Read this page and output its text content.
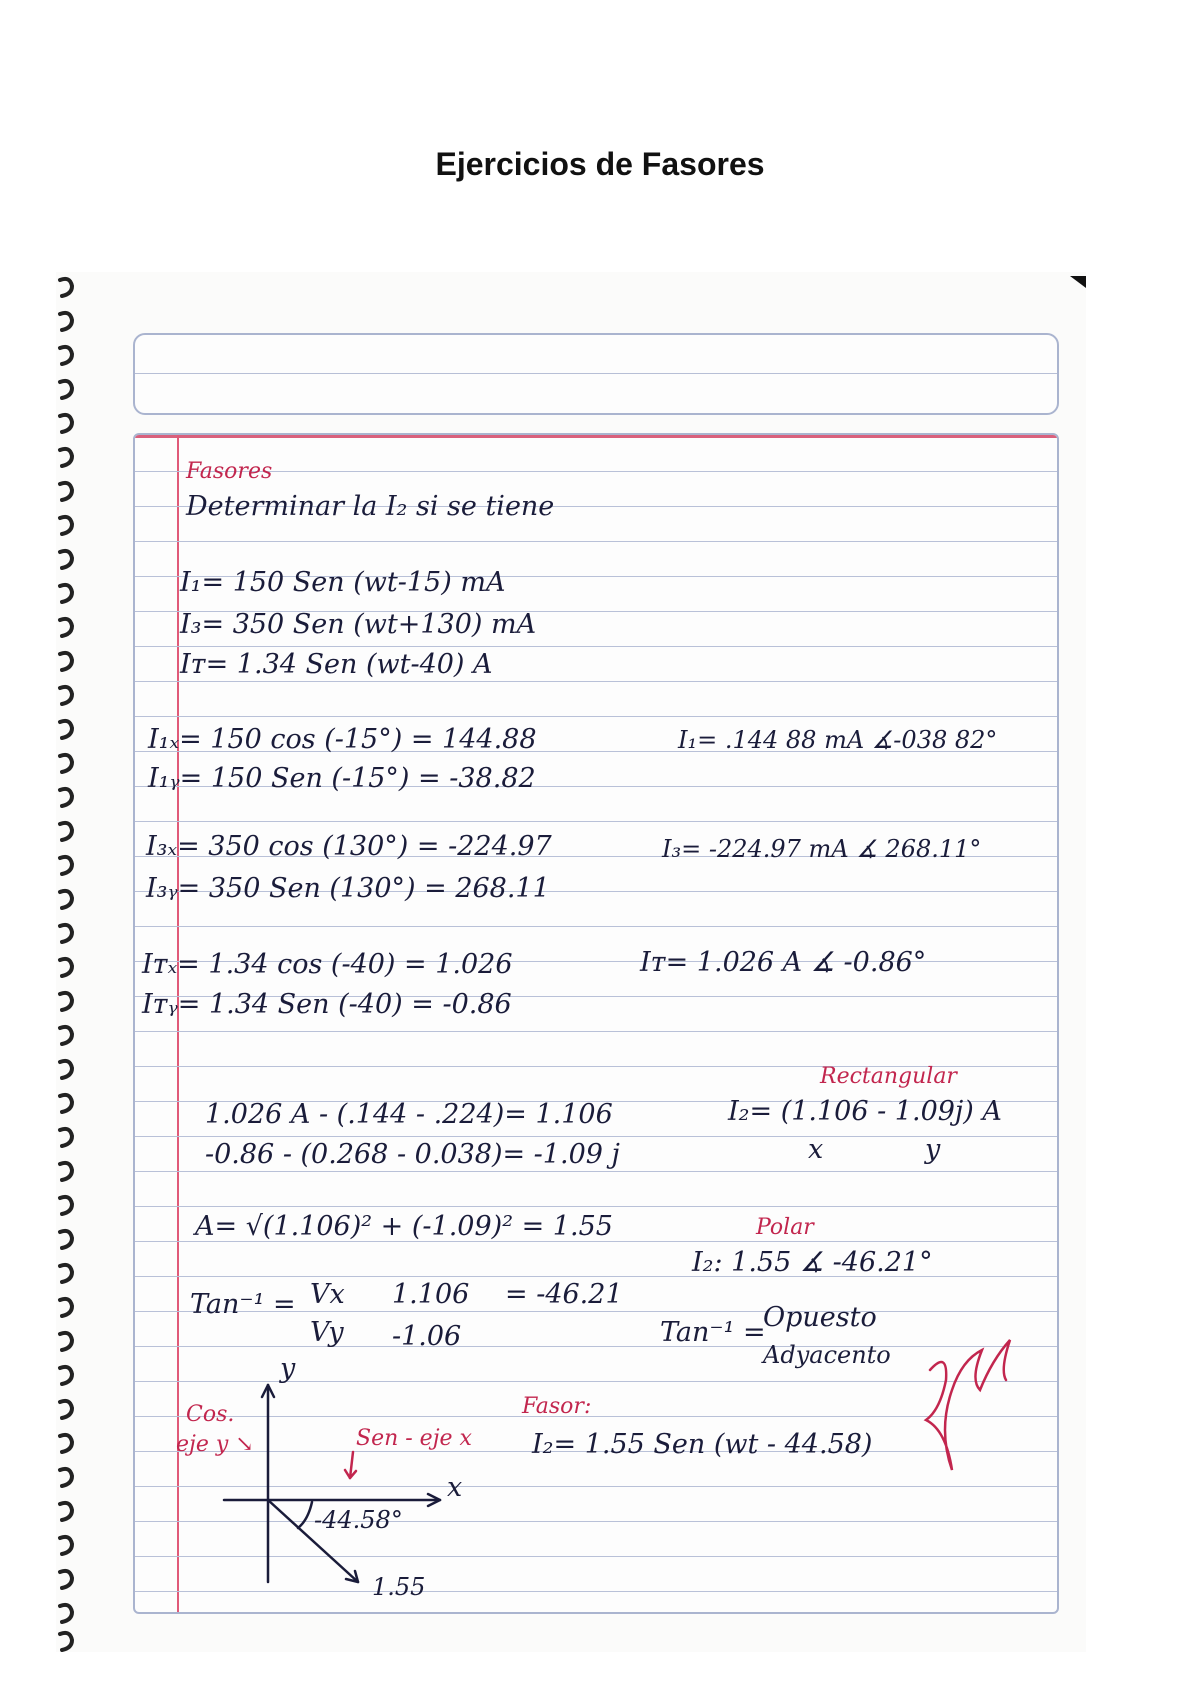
Ejercicios de Fasores
Fasores
Determinar la I₂ si se tiene
I₁= 150 Sen (wt-15) mA
I₃= 350 Sen (wt+130) mA
Iᴛ= 1.34 Sen (wt-40) A
I₁ₓ= 150 cos (-15°) = 144.88
I₁ᵧ= 150 Sen (-15°) = -38.82
I₁= .144 88 mA ∡-038 82°
I₃ₓ= 350 cos (130°) = -224.97
I₃ᵧ= 350 Sen (130°) = 268.11
I₃= -224.97 mA ∡ 268.11°
Iᴛₓ= 1.34 cos (-40) = 1.026
Iᴛᵧ= 1.34 Sen (-40) = -0.86
Iᴛ= 1.026 A ∡ -0.86°
Rectangular
1.026 A - (.144 - .224)= 1.106
-0.86 - (0.268 - 0.038)= -1.09 j
I₂= (1.106 - 1.09j) A
x	y
A= √(1.106)² + (-1.09)² = 1.55	Polar
I₂: 1.55 ∡ -46.21°
Tan⁻¹ = Vx
Vy
1.106
-1.06
= -46.21
Tan⁻¹ =
Opuesto
Adyacento
Fasor:
I₂= 1.55 Sen (wt - 44.58)
y
Cos.
eje y ↘	Sen - eje x
x
-44.58°
1.55
